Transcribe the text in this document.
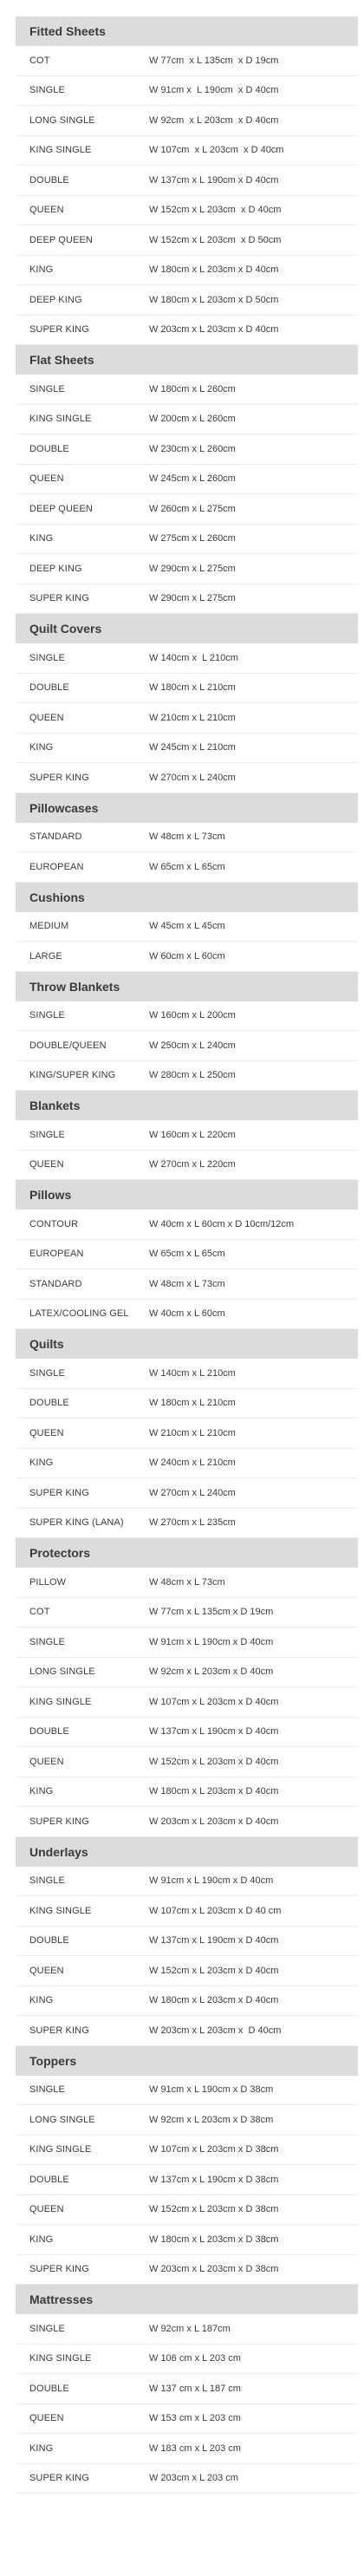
Fitted Sheets
COT	W 77cm  x L 135cm  x D 19cm
SINGLE	W 91cm x  L 190cm  x D 40cm
LONG SINGLE	W 92cm  x L 203cm  x D 40cm
KING SINGLE	W 107cm  x L 203cm  x D 40cm
DOUBLE	W 137cm x L 190cm x D 40cm
QUEEN	W 152cm x L 203cm  x D 40cm
DEEP QUEEN	W 152cm x L 203cm  x D 50cm
KING	W 180cm x L 203cm x D 40cm
DEEP KING	W 180cm x L 203cm x D 50cm
SUPER KING	W 203cm x L 203cm x D 40cm
Flat Sheets
SINGLE	W 180cm x L 260cm
KING SINGLE	W 200cm x L 260cm
DOUBLE	W 230cm x L 260cm
QUEEN	W 245cm x L 260cm
DEEP QUEEN	W 260cm x L 275cm
KING	W 275cm x L 260cm
DEEP KING	W 290cm x L 275cm
SUPER KING	W 290cm x L 275cm
Quilt Covers
SINGLE	W 140cm x  L 210cm
DOUBLE	W 180cm x L 210cm
QUEEN	W 210cm x L 210cm
KING	W 245cm x L 210cm
SUPER KING	W 270cm x L 240cm
Pillowcases
STANDARD	W 48cm x L 73cm
EUROPEAN	W 65cm x L 65cm
Cushions
MEDIUM	W 45cm x L 45cm
LARGE	W 60cm x L 60cm
Throw Blankets
SINGLE	W 160cm x L 200cm
DOUBLE/QUEEN	W 250cm x L 240cm
KING/SUPER KING	W 280cm x L 250cm
Blankets
SINGLE	W 160cm x L 220cm
QUEEN	W 270cm x L 220cm
Pillows
CONTOUR	W 40cm x L 60cm x D 10cm/12cm
EUROPEAN	W 65cm x L 65cm
STANDARD	W 48cm x L 73cm
LATEX/COOLING GEL	W 40cm x L 60cm
Quilts
SINGLE	W 140cm x L 210cm
DOUBLE	W 180cm x L 210cm
QUEEN	W 210cm x L 210cm
KING	W 240cm x L 210cm
SUPER KING	W 270cm x L 240cm
SUPER KING (LANA)	W 270cm x L 235cm
Protectors
PILLOW	W 48cm x L 73cm
COT	W 77cm x L 135cm x D 19cm
SINGLE	W 91cm x L 190cm x D 40cm
LONG SINGLE	W 92cm x L 203cm x D 40cm
KING SINGLE	W 107cm x L 203cm x D 40cm
DOUBLE	W 137cm x L 190cm x D 40cm
QUEEN	W 152cm x L 203cm x D 40cm
KING	W 180cm x L 203cm x D 40cm
SUPER KING	W 203cm x L 203cm x D 40cm
Underlays
SINGLE	W 91cm x L 190cm x D 40cm
KING SINGLE	W 107cm x L 203cm x D 40 cm
DOUBLE	W 137cm x L 190cm x D 40cm
QUEEN	W 152cm x L 203cm x D 40cm
KING	W 180cm x L 203cm x D 40cm
SUPER KING	W 203cm x L 203cm x  D 40cm
Toppers
SINGLE	W 91cm x L 190cm x D 38cm
LONG SINGLE	W 92cm x L 203cm x D 38cm
KING SINGLE	W 107cm x L 203cm x D 38cm
DOUBLE	W 137cm x L 190cm x D 38cm
QUEEN	W 152cm x L 203cm x D 38cm
KING	W 180cm x L 203cm x D 38cm
SUPER KING	W 203cm x L 203cm x D 38cm
Mattresses
SINGLE	W 92cm x L 187cm
KING SINGLE	W 106 cm x L 203 cm
DOUBLE	W 137 cm x L 187 cm
QUEEN	W 153 cm x L 203 cm
KING	W 183 cm x L 203 cm
SUPER KING	W 203cm x L 203 cm
